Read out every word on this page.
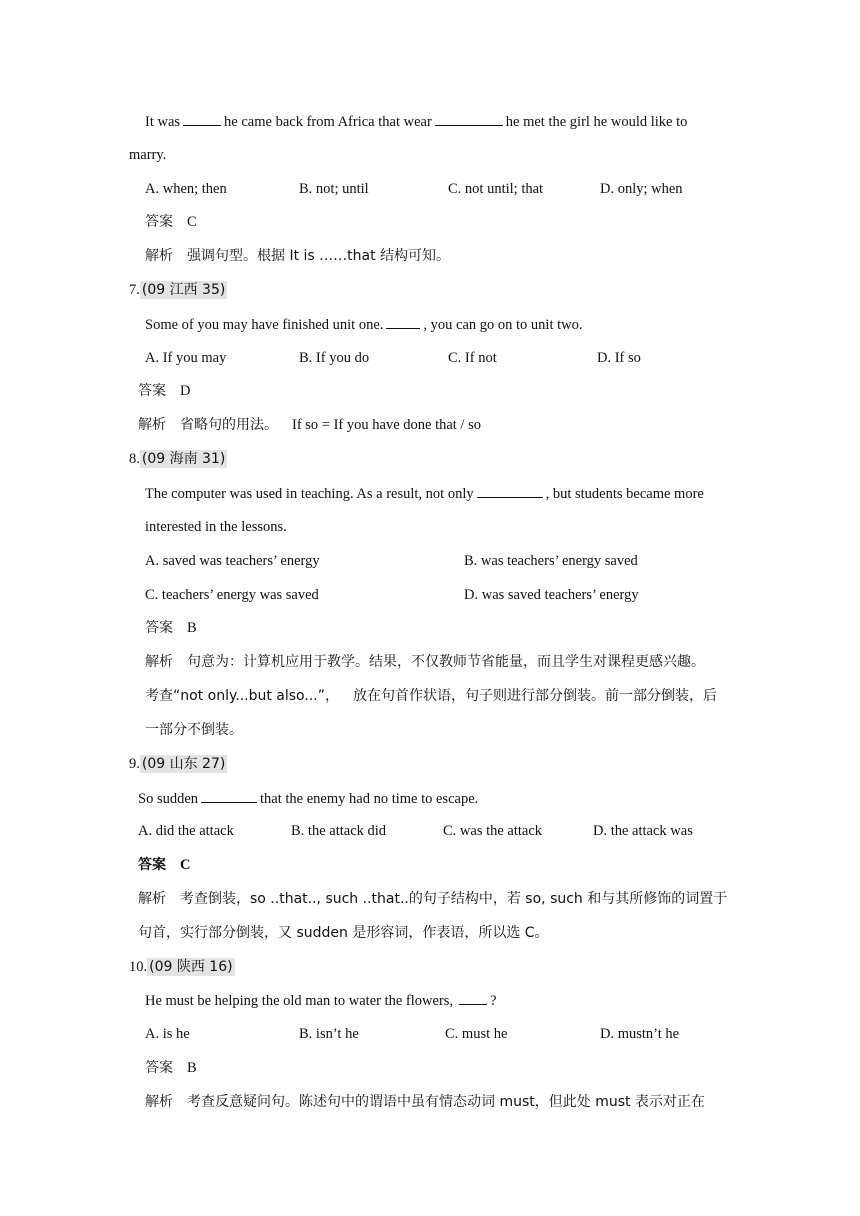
It was	he came back from Africa that wear	he met the girl he would like to
marry.
A. when; then	B. not; until	C. not until; that	D. only; when
答案 C
解析 强调句型。根据 It is ……that 结构可知。
7. (09 江西 35)
Some of you may have finished unit one.	, you can go on to unit two.
A. If you may	B. If you do	C. If not	D. If so
答案 D
解析 省略句的用法。 If so = If you have done that / so
8. (09 海南 31)
The computer was used in teaching. As a result, not only	, but students became more
interested in the lessons.
A. saved was teachers’ energy	B. was teachers’ energy saved
C. teachers’ energy was saved	D. was saved teachers’ energy
答案 B
解析 句意为：计算机应用于教学。结果，不仅教师节省能量，而且学生对课程更感兴趣。
考查“not only...but also...”， 放在句首作状语，句子则进行部分倒装。前一部分倒装，后
一部分不倒装。
9. (09 山东 27)
So sudden	that the enemy had no time to escape.
A. did the attack	B. the attack did	C. was the attack	D. the attack was
答案 C
解析 考查倒装，so ..that.., such ..that..的句子结构中，若 so, such 和与其所修饰的词置于
句首，实行部分倒装，又 sudden 是形容词，作表语，所以选 C。
10. (09 陕西 16)
He must be helping the old man to water the flowers,	?
A. is he	B. isn’t he	C. must he	D. mustn’t he
答案 B
解析 考查反意疑问句。陈述句中的谓语中虽有情态动词 must，但此处 must 表示对正在
